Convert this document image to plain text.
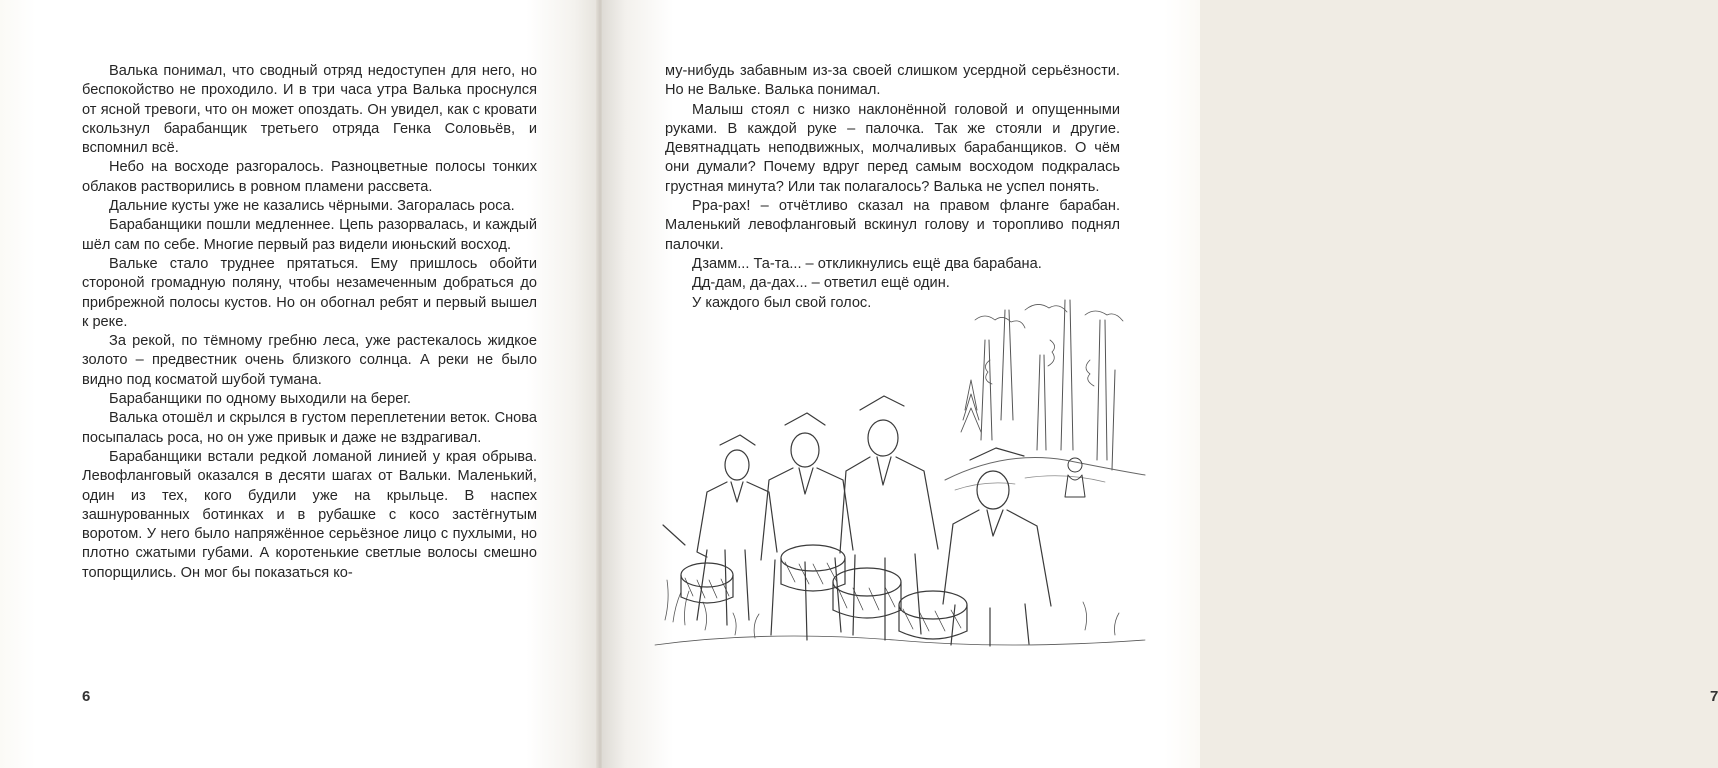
Валька понимал, что сводный отряд недоступен для него, но беспокойство не проходило. И в три часа утра Валька проснулся от ясной тревоги, что он может опоздать. Он увидел, как с кровати скользнул барабанщик третьего отряда Генка Соловьёв, и вспомнил всё.

Небо на восходе разгоралось. Разноцветные полосы тонких облаков растворились в ровном пламени рассвета.

Дальние кусты уже не казались чёрными. Загоралась роса.

Барабанщики пошли медленнее. Цепь разорвалась, и каждый шёл сам по себе. Многие первый раз видели июньский восход.

Вальке стало труднее прятаться. Ему пришлось обойти стороной громадную поляну, чтобы незамеченным добраться до прибрежной полосы кустов. Но он обогнал ребят и первый вышел к реке.

За рекой, по тёмному гребню леса, уже растекалось жидкое золото – предвестник очень близкого солнца. А реки не было видно под косматой шубой тумана.

Барабанщики по одному выходили на берег.

Валька отошёл и скрылся в густом переплетении веток. Снова посыпалась роса, но он уже привык и даже не вздрагивал.

Барабанщики встали редкой ломаной линией у края обрыва. Левофланговый оказался в десяти шагах от Вальки. Маленький, один из тех, кого будили уже на крыльце. В наспех зашнурованных ботинках и в рубашке с косо застёгнутым воротом. У него было напряжённое серьёзное лицо с пухлыми, но плотно сжатыми губами. А коротенькие светлые волосы смешно топорщились. Он мог бы показаться ко-

6	7

му-нибудь забавным из-за своей слишком усердной серьёзности. Но не Вальке. Валька понимал.

Малыш стоял с низко наклонённой головой и опущенными руками. В каждой руке – палочка. Так же стояли и другие. Девятнадцать неподвижных, молчаливых барабанщиков. О чём они думали? Почему вдруг перед самым восходом подкралась грустная минута? Или так полагалось? Валька не успел понять.

Рра-рах! – отчётливо сказал на правом фланге барабан. Маленький левофланговый вскинул голову и торопливо поднял палочки.

Дзамм... Та-та... – откликнулись ещё два барабана.

Дд-дам, да-дах... – ответил ещё один.

У каждого был свой голос.
